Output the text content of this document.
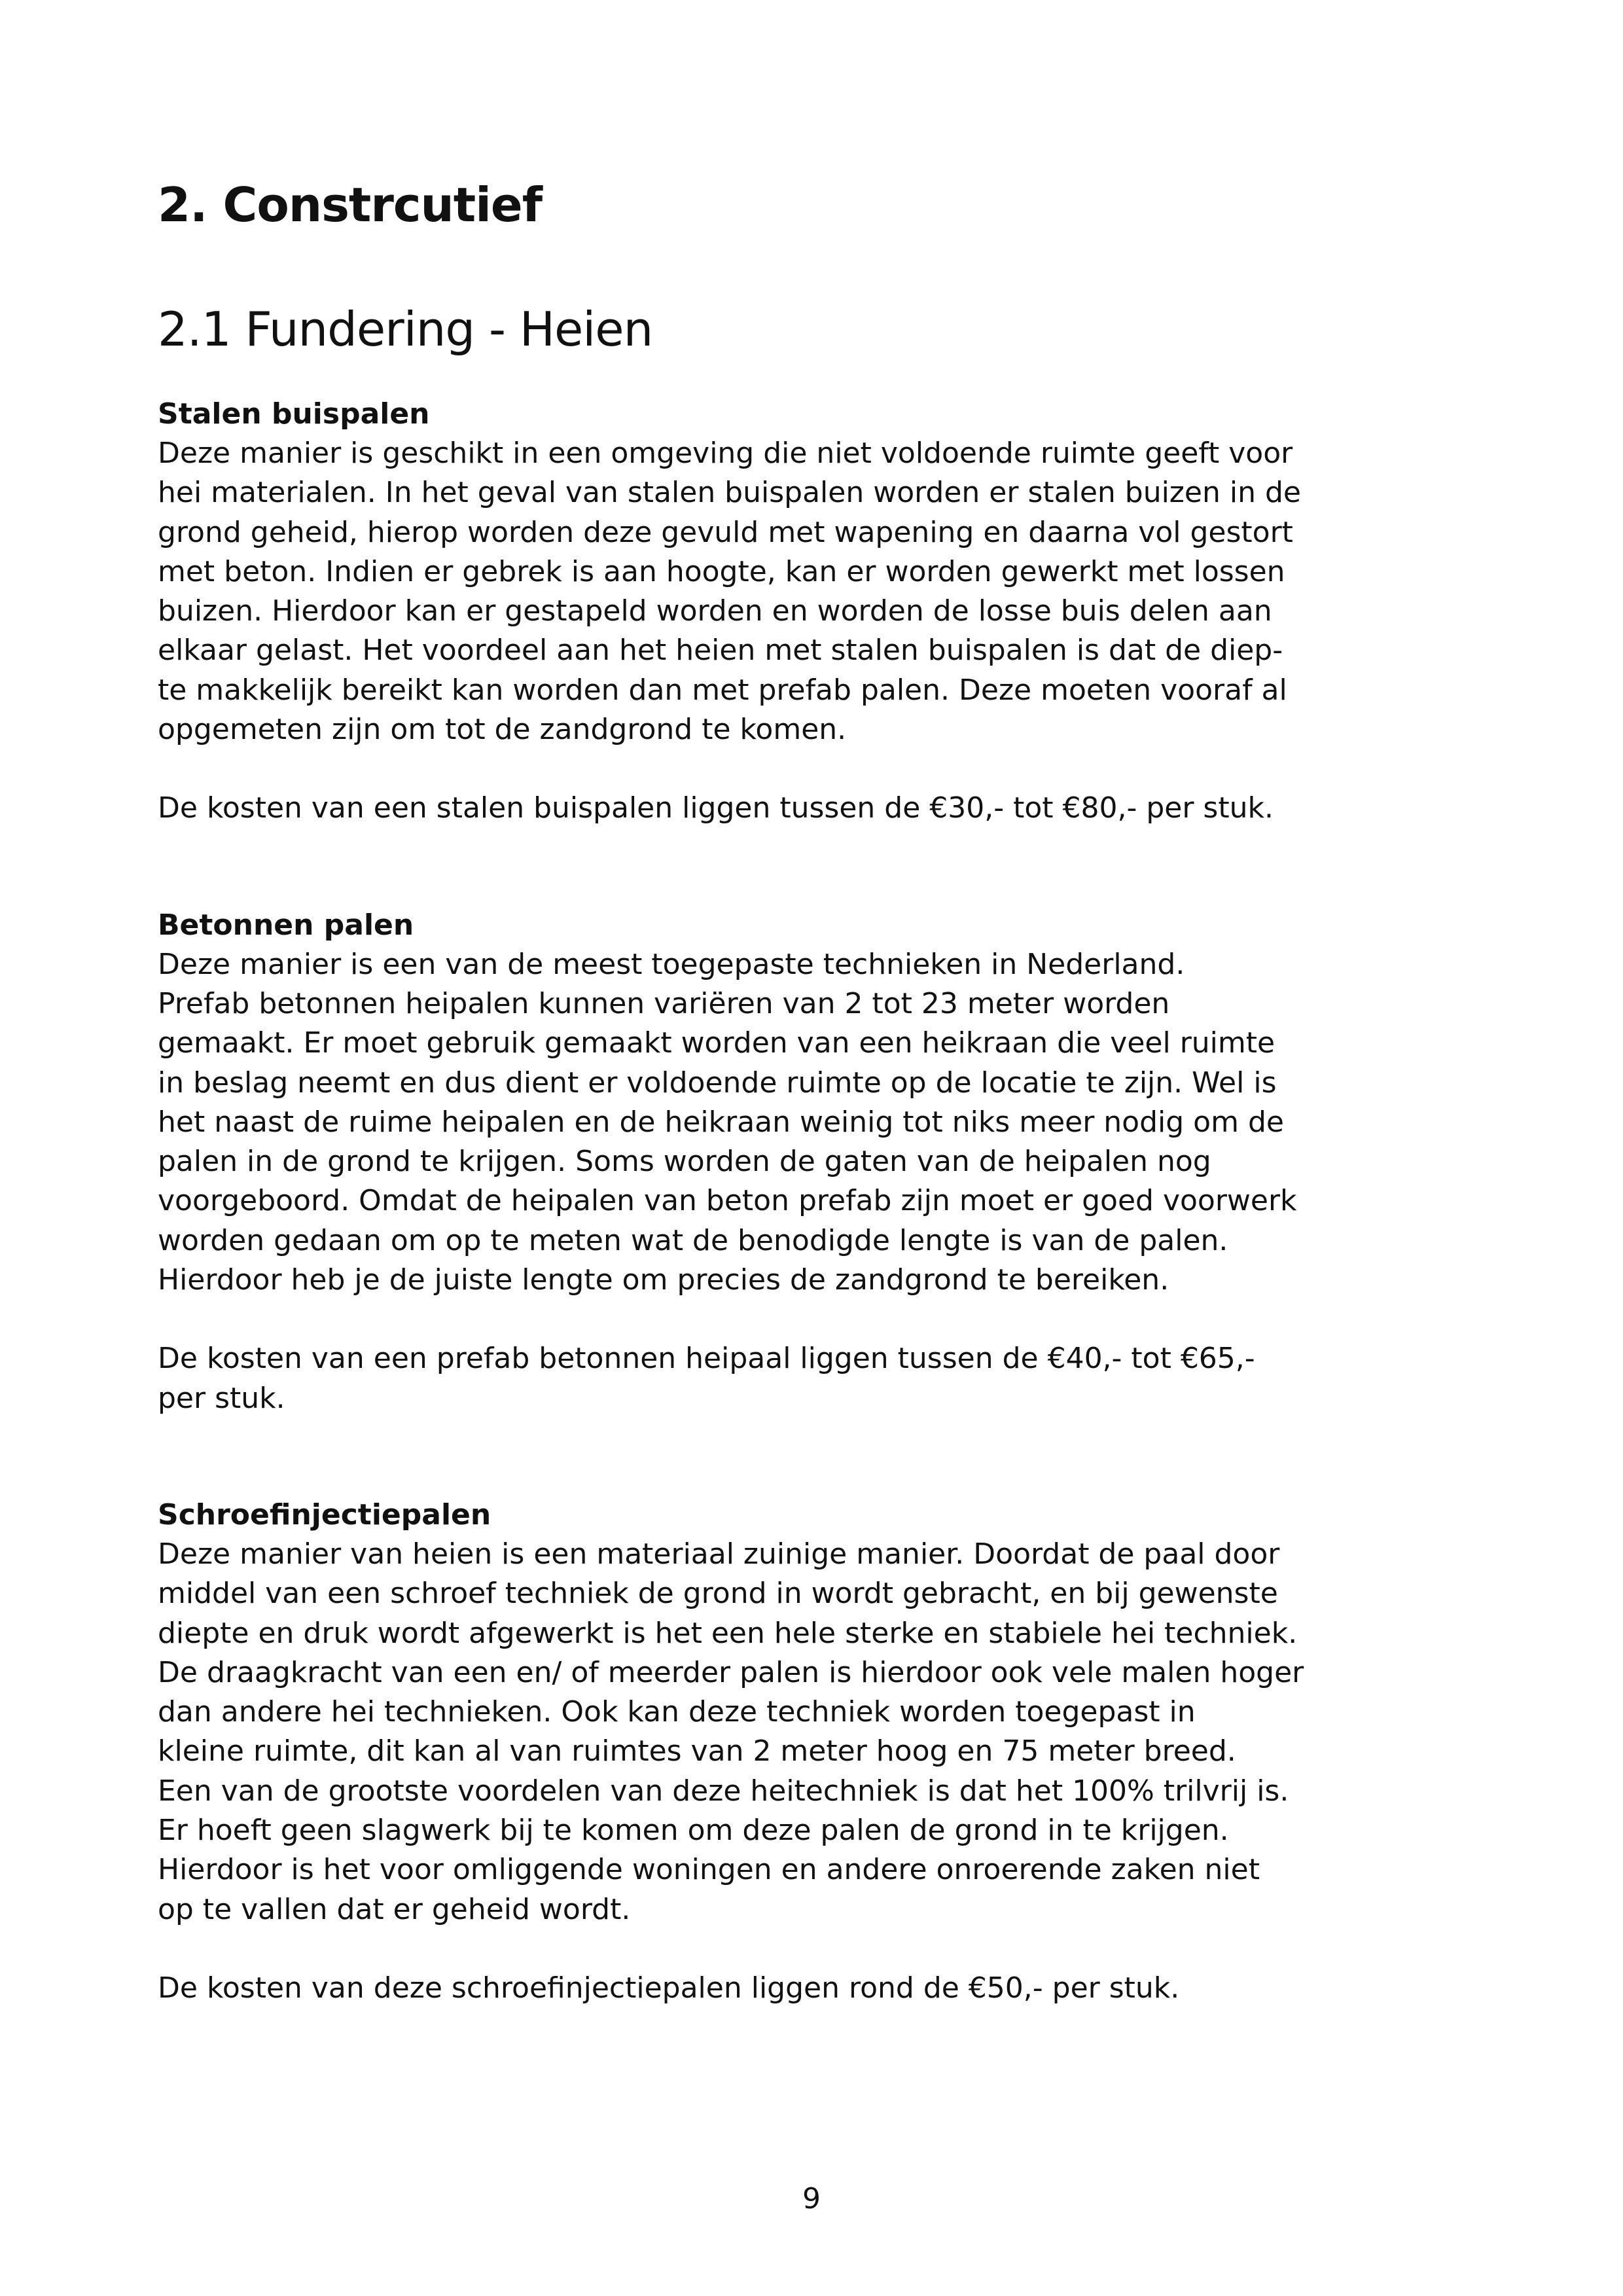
2. Constrcutief
2.1 Fundering - Heien

Stalen buispalen

Deze manier is geschikt in een omgeving die niet voldoende ruimte geeft voor
hei materialen. In het geval van stalen buispalen worden er stalen buizen in de
grond geheid, hierop worden deze gevuld met wapening en daarna vol gestort
met beton. Indien er gebrek is aan hoogte, kan er worden gewerkt met lossen
buizen. Hierdoor kan er gestapeld worden en worden de losse buis delen aan
elkaar gelast. Het voordeel aan het heien met stalen buispalen is dat de diep-
te makkelijk bereikt kan worden dan met prefab palen. Deze moeten vooraf al
opgemeten zijn om tot de zandgrond te komen.

De kosten van een stalen buispalen liggen tussen de €30,- tot €80,- per stuk.

Betonnen palen

Deze manier is een van de meest toegepaste technieken in Nederland.
Prefab betonnen heipalen kunnen variëren van 2 tot 23 meter worden
gemaakt. Er moet gebruik gemaakt worden van een heikraan die veel ruimte
in beslag neemt en dus dient er voldoende ruimte op de locatie te zijn. Wel is
het naast de ruime heipalen en de heikraan weinig tot niks meer nodig om de
palen in de grond te krijgen. Soms worden de gaten van de heipalen nog
voorgeboord. Omdat de heipalen van beton prefab zijn moet er goed voorwerk
worden gedaan om op te meten wat de benodigde lengte is van de palen.
Hierdoor heb je de juiste lengte om precies de zandgrond te bereiken.

De kosten van een prefab betonnen heipaal liggen tussen de €40,- tot €65,-
per stuk.

Schroefinjectiepalen

Deze manier van heien is een materiaal zuinige manier. Doordat de paal door
middel van een schroef techniek de grond in wordt gebracht, en bij gewenste
diepte en druk wordt afgewerkt is het een hele sterke en stabiele hei techniek.
De draagkracht van een en/ of meerder palen is hierdoor ook vele malen hoger
dan andere hei technieken. Ook kan deze techniek worden toegepast in
kleine ruimte, dit kan al van ruimtes van 2 meter hoog en 75 meter breed.
Een van de grootste voordelen van deze heitechniek is dat het 100% trilvrij is.
Er hoeft geen slagwerk bij te komen om deze palen de grond in te krijgen.
Hierdoor is het voor omliggende woningen en andere onroerende zaken niet
op te vallen dat er geheid wordt.

De kosten van deze schroefinjectiepalen liggen rond de €50,- per stuk.

9
